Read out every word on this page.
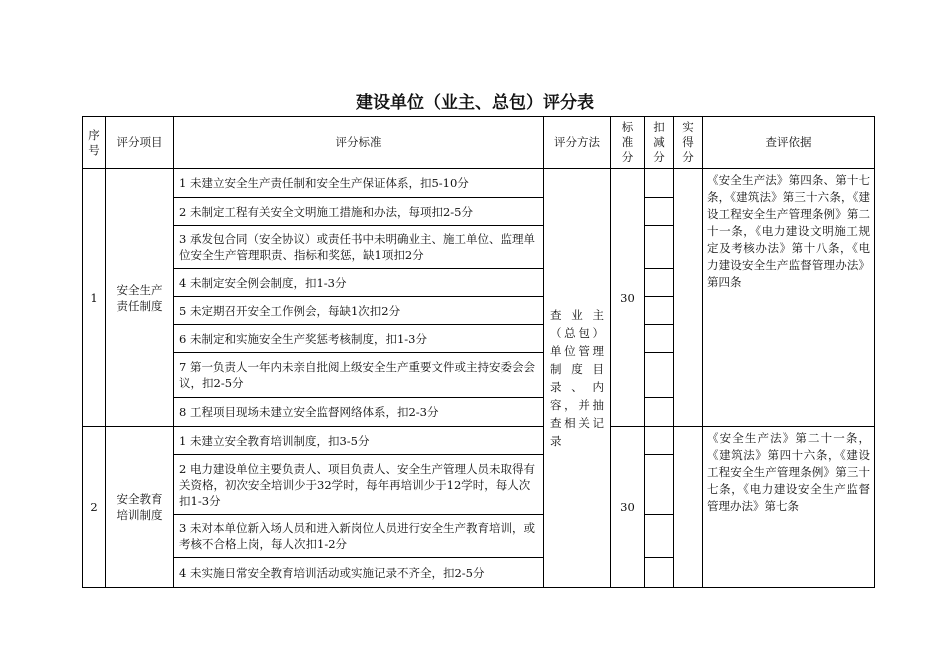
建设单位（业主、总包）评分表
序号	评分项目	评分标准	评分方法	标准分	扣减分	实得分	查评依据
1	安全生产责任制度	1 未建立安全生产责任制和安全生产保证体系，扣5-10分	查业主（总包）单位管理制度目录、内容，并抽查相关记录	30			《安全生产法》第四条、第十七条，《建筑法》第三十六条，《建设工程安全生产管理条例》第二十一条，《电力建设文明施工规定及考核办法》第十八条，《电力建设安全生产监督管理办法》第四条
		2 未制定工程有关安全文明施工措施和办法，每项扣2-5分					
		3 承发包合同（安全协议）或责任书中未明确业主、施工单位、监理单位安全生产管理职责、指标和奖惩，缺1项扣2分					
		4 未制定安全例会制度，扣1-3分					
		5 未定期召开安全工作例会，每缺1次扣2分					
		6 未制定和实施安全生产奖惩考核制度，扣1-3分					
		7 第一负责人一年内未亲自批阅上级安全生产重要文件或主持安委会会议，扣2-5分					
		8 工程项目现场未建立安全监督网络体系，扣2-3分					
2	安全教育培训制度	1 未建立安全教育培训制度，扣3-5分		30			《安全生产法》第二十一条，《建筑法》第四十六条，《建设工程安全生产管理条例》第三十七条，《电力建设安全生产监督管理办法》第七条
		2 电力建设单位主要负责人、项目负责人、安全生产管理人员未取得有关资格，初次安全培训少于32学时，每年再培训少于12学时，每人次扣1-3分					
		3 未对本单位新入场人员和进入新岗位人员进行安全生产教育培训，或考核不合格上岗，每人次扣1-2分					
		4 未实施日常安全教育培训活动或实施记录不齐全，扣2-5分					
